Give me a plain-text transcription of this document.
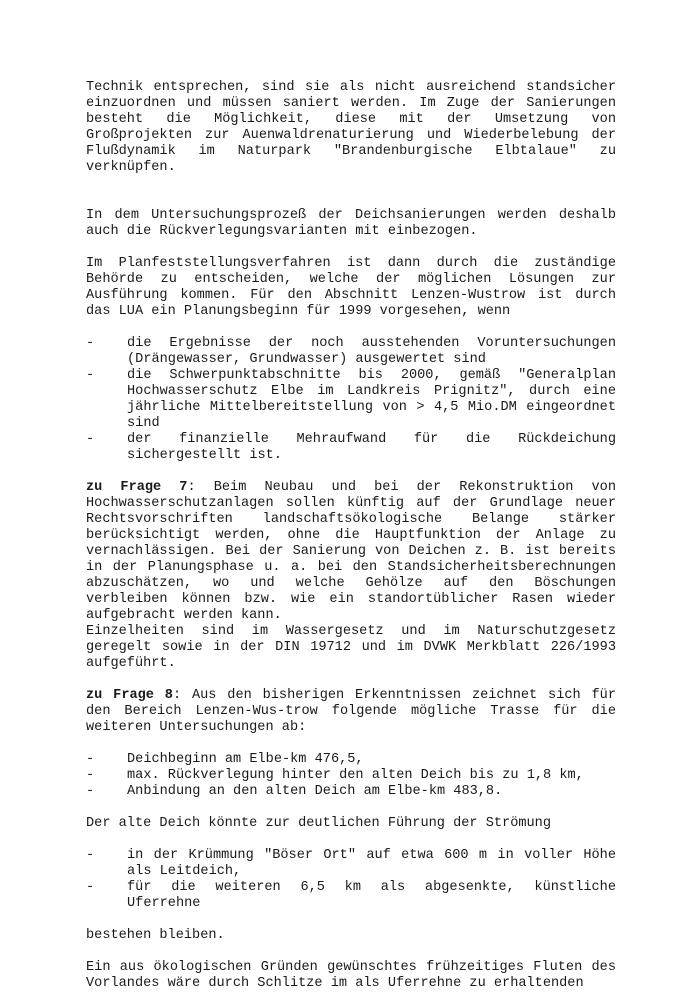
Technik entsprechen, sind sie als nicht ausreichend standsicher einzuordnen und müssen saniert werden. Im Zuge der Sanierungen besteht die Möglichkeit, diese mit der Umsetzung von Großprojekten zur Auenwaldrenaturierung und Wiederbelebung der Flußdynamik im Naturpark "Brandenburgische Elbtalaue" zu verknüpfen.

In dem Untersuchungsprozeß der Deichsanierungen werden deshalb auch die Rückverlegungsvarianten mit einbezogen.

Im Planfeststellungsverfahren ist dann durch die zuständige Behörde zu entscheiden, welche der möglichen Lösungen zur Ausführung kommen. Für den Abschnitt Lenzen-Wustrow ist durch das LUA ein Planungsbeginn für 1999 vorgesehen, wenn

- die Ergebnisse der noch ausstehenden Voruntersuchungen (Drängewasser, Grundwasser) ausgewertet sind
- die Schwerpunktabschnitte bis 2000, gemäß "Generalplan Hochwasserschutz Elbe im Landkreis Prignitz", durch eine jährliche Mittelbereitstellung von > 4,5 Mio.DM eingeordnet sind
- der finanzielle Mehraufwand für die Rückdeichung sichergestellt ist.

zu Frage 7: Beim Neubau und bei der Rekonstruktion von Hochwasserschutzanlagen sollen künftig auf der Grundlage neuer Rechtsvorschriften landschaftsökologische Belange stärker berücksichtigt werden, ohne die Hauptfunktion der Anlage zu vernachlässigen. Bei der Sanierung von Deichen z. B. ist bereits in der Planungsphase u. a. bei den Standsicherheitsberechnungen abzuschätzen, wo und welche Gehölze auf den Böschungen verbleiben können bzw. wie ein standortüblicher Rasen wieder aufgebracht werden kann.

Einzelheiten sind im Wassergesetz und im Naturschutzgesetz geregelt sowie in der DIN 19712 und im DVWK Merkblatt 226/1993 aufgeführt.

zu Frage 8: Aus den bisherigen Erkenntnissen zeichnet sich für den Bereich Lenzen-Wus-trow folgende mögliche Trasse für die weiteren Untersuchungen ab:

- Deichbeginn am Elbe-km 476,5,
- max. Rückverlegung hinter den alten Deich bis zu 1,8 km,
- Anbindung an den alten Deich am Elbe-km 483,8.

Der alte Deich könnte zur deutlichen Führung der Strömung

- in der Krümmung "Böser Ort" auf etwa 600 m in voller Höhe als Leitdeich,
- für die weiteren 6,5 km als abgesenkte, künstliche Uferrehne

bestehen bleiben.

Ein aus ökologischen Gründen gewünschtes frühzeitiges Fluten des Vorlandes wäre durch Schlitze im als Uferrehne zu erhaltenden
